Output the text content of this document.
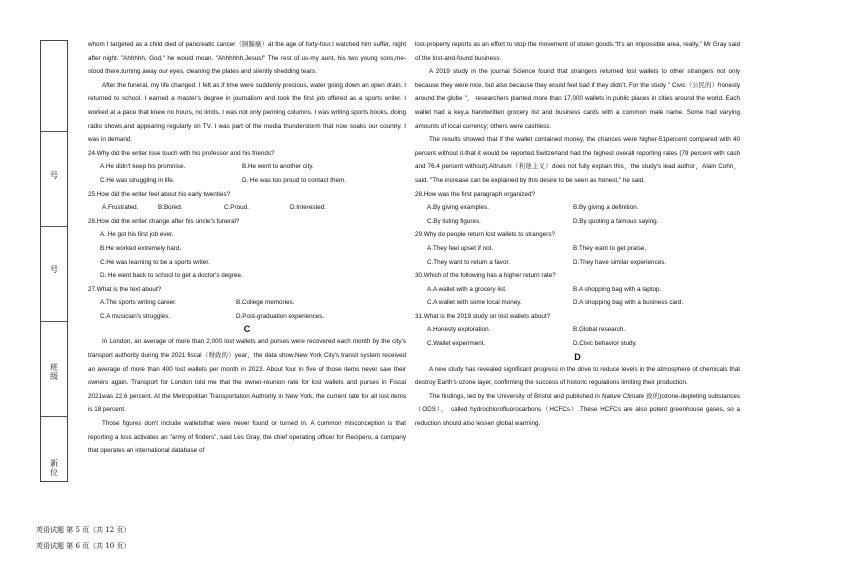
号
号
班
级
新
位

whom I targeted as a child died of pancreatic cancer（胰腺癌）at the age of forty-four.I watched him suffer, night after night. "Ahhhhh, God," he would moan. "Ahhhhhh,Jesus!" The rest of us-my aunt, his two young sons,me-stood there,turning away our eyes, cleaning the plates and silently shedding tears.

After the funeral, my life changed. I felt as if time were suddenly precious, water going down an open drain. I returned to school. I earned a master's degree in journalism and took the first job offered as a sports writer. I worked at a pace that knew no hours, no limits. I was not only penning columns. I was writing sports books, doing radio shows,and appearing regularly on TV. I was part of the media thunderstorm that now soaks our country. I was in demand.

24.Why did the writer lose touch with his professor and his friends?

A.He didn't keep his promnise.	B.He went to another city.
C.He was struggling in life.	D. He was too proud to contact them.

25.How did the writer feel about his early twenties?

A.Frustrated.	B.Bored.	C.Proud.	D.Interested.

26.How did the writer change after his uncle's funeral?

A. He got his first job ever.

B.He worked extremely hard.

C.He was learning to be a sports writer.

D. He went back to school to get a doctor's degree.

27.What is the text about?

A.The sports writing career.	B.College memories.
C.A musician's struggles.	D.Post-graduation experiences.
C

In London, an average of more than 2,000 lost wallets and purses were recovered each month by the city’s transport authority during the 2021 fiscal（财政的）year，the data show.New York City's transit system received an average of more than 400 lost wallets per month in 2023. About four in five of those items never saw their owners again. Transport for London told me that the owner-reunion rate for lost wallets and purses in Fiscal 2021was 22.6 percent. At the Metropolitan Transportation Authority in New York, the current rate for all lost items is 18 percent.

Those figures don't include walletsthat were never found or turned in. A common misconception is that reporting a loss activates an "army of finders", said Les Gray, the chief operating officer for Recipero, a company that operates an international database of

lost-property reports as an effort to stop the movement of stolen goods.“It's an impossible area, really," Mr Gray said of the lost-and-found business.

A 2019 study in the journal Science found that strangers returned lost wallets to other strangers not only because they were nice, but also because they would feel bad if they didn’t. For the study " Civic（公民的）honesty around the globe "， researchers planted more than 17,000 wallets in public places in cities around the world. Each wallet had a key,a handwritten grocery list and business cards with a common male name. Some had varying amounts of local currency; others were cashless.

The results showed that if the wallet contained money, the chances were higher-51percent compared with 40 percent without it-that it would be reported.Switzerland had the highest overall reporting rates (79 percent with cash and 76.4 percent without).Altruism（利他主义）does not fully explain this，the study’s lead author，Alain Cohn，said. "The increase can be explained by this desire to be seen as honest," he said.

28.How was the first paragraph organized?

A.By giving examples.	B.By giving a definition.
C.By listing figures.	D.By quoting a famous saying.

29.Why do people return lost wallets to strangers?

A.They feel upset if not.	B.They want to get praise.
C.They want to return a favor.	D.They have similar experiences.

30.Which of the following has a higher return rate?

A.A wallet with a grocery list.	B.A shopping bag with a laptop.
C.A wallet with some local money.	D.A shopping bag with a business card.

31.What is the 2019 study on lost wallets about?

A.Honesty exploration.	B.Global research.
C.Wallet experiment.	D.Civic behavior study.
D

A new study has revealed significant progress in the drive to reduce levels in the atmosphere of chemicals that destroy Earth's ozone layer, confirming the success of historic regulations limiting their production.

The findings, led by the University of Bristol and published in Nature Climate 致的)ozone-depleting substances（ODS）， called hydrochlorofluorocarbons（HCFCs）.These HCFCs are also potent greenhouse gases, so a reduction should also lessen global warming.

英语试题 第 5 页（共 12 页）
英语试题 第 6 页（共 10 页）
